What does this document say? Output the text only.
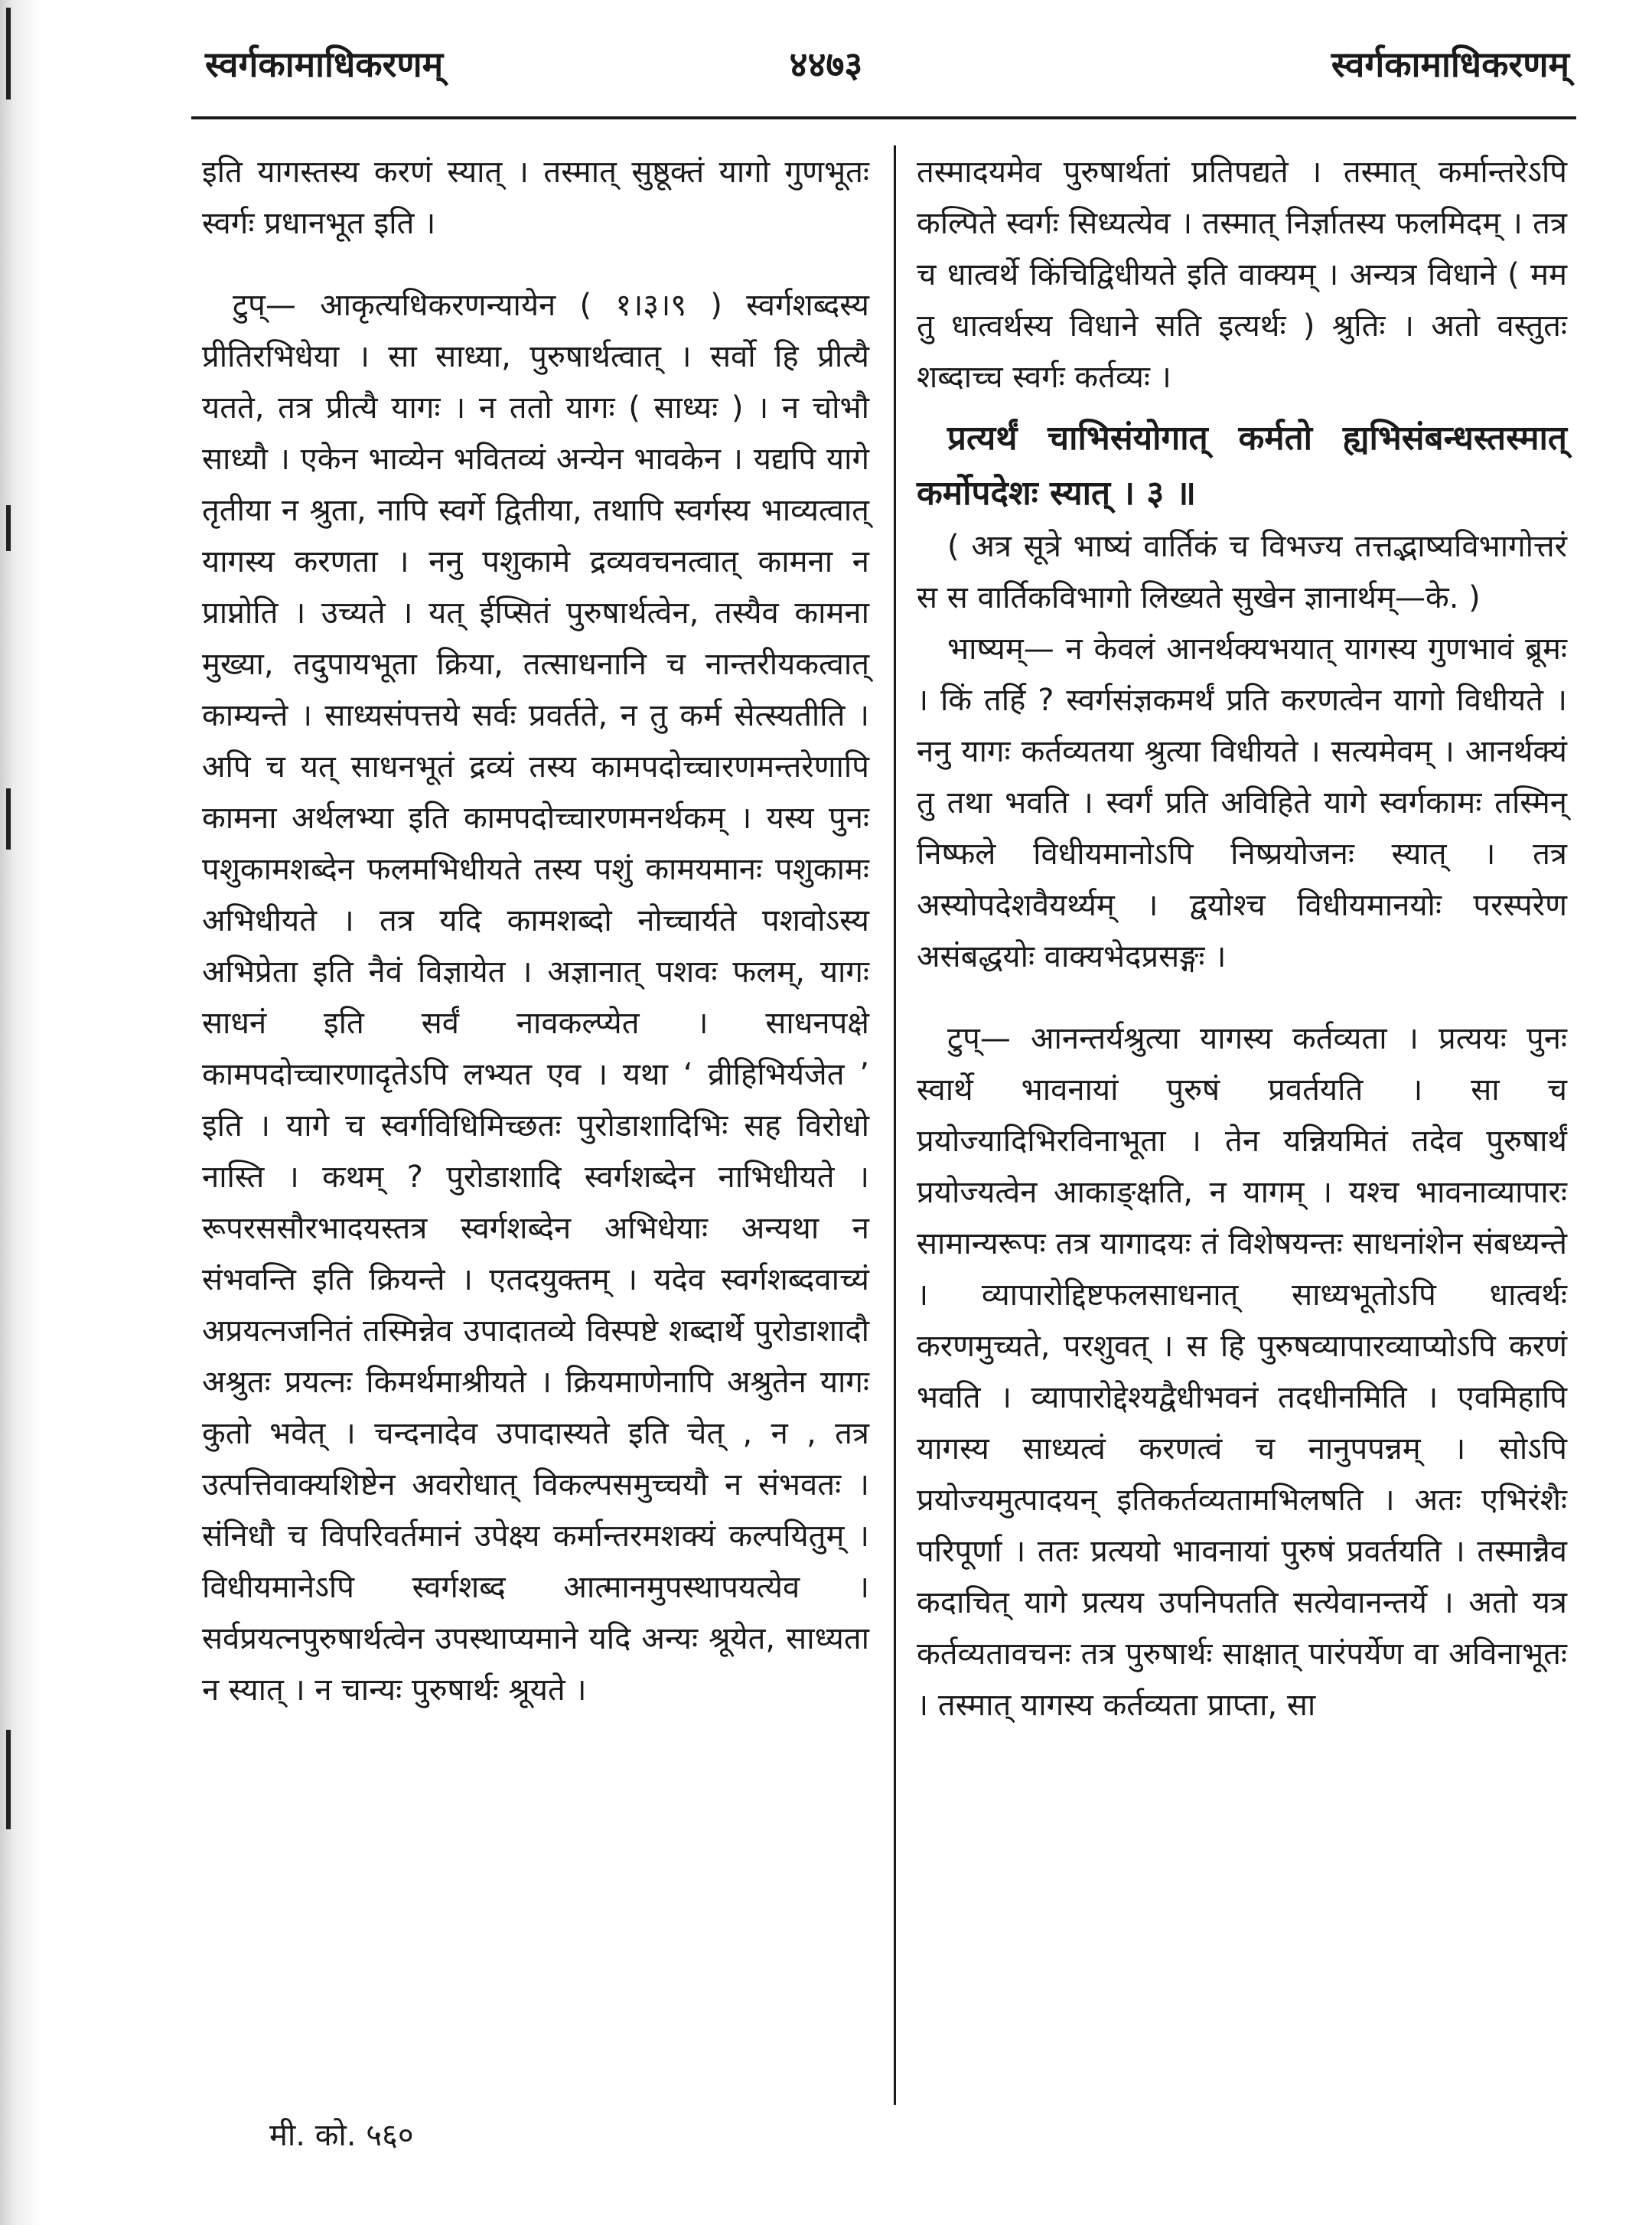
स्वर्गकामाधिकरणम्	४४७३	स्वर्गकामाधिकरणम्

इति यागस्तस्य करणं स्यात् । तस्मात् सुष्ठूक्तं यागो गुणभूतः स्वर्गः प्रधानभूत इति ।

टुप्— आकृत्यधिकरणन्यायेन ( १।३।९ ) स्वर्गशब्दस्य प्रीतिरभिधेया । सा साध्या, पुरुषार्थत्वात् । सर्वो हि प्रीत्यै यतते, तत्र प्रीत्यै यागः । न ततो यागः ( साध्यः ) । न चोभौ साध्यौ । एकेन भाव्येन भवितव्यं अन्येन भावकेन । यद्यपि यागे तृतीया न श्रुता, नापि स्वर्गे द्वितीया, तथापि स्वर्गस्य भाव्यत्वात् यागस्य करणता । ननु पशुकामे द्रव्यवचनत्वात् कामना न प्राप्नोति । उच्यते । यत् ईप्सितं पुरुषार्थत्वेन, तस्यैव कामना मुख्या, तदुपायभूता क्रिया, तत्साधनानि च नान्तरीयकत्वात् काम्यन्ते । साध्यसंपत्तये सर्वः प्रवर्तते, न तु कर्म सेत्स्यतीति । अपि च यत् साधनभूतं द्रव्यं तस्य कामपदोच्चारणमन्तरेणापि कामना अर्थलभ्या इति कामपदोच्चारणमनर्थकम् । यस्य पुनः पशुकामशब्देन फलमभिधीयते तस्य पशुं कामयमानः पशुकामः अभिधीयते । तत्र यदि कामशब्दो नोच्चार्यते पशवोऽस्य अभिप्रेता इति नैवं विज्ञायेत । अज्ञानात् पशवः फलम्, यागः साधनं इति सर्वं नावकल्प्येत । साधनपक्षे कामपदोच्चारणादृतेऽपि लभ्यत एव । यथा ‘ व्रीहिभिर्यजेत ’ इति । यागे च स्वर्गविधिमिच्छतः पुरोडाशादिभिः सह विरोधो नास्ति । कथम् ? पुरोडाशादि स्वर्गशब्देन नाभिधीयते । रूपरससौरभादयस्तत्र स्वर्गशब्देन अभिधेयाः अन्यथा न संभवन्ति इति क्रियन्ते । एतदयुक्तम् । यदेव स्वर्गशब्दवाच्यं अप्रयत्नजनितं तस्मिन्नेव उपादातव्ये विस्पष्टे शब्दार्थे पुरोडाशादौ अश्रुतः प्रयत्नः किमर्थमाश्रीयते । क्रियमाणेनापि अश्रुतेन यागः कुतो भवेत् । चन्दनादेव उपादास्यते इति चेत् , न , तत्र उत्पत्तिवाक्यशिष्टेन अवरोधात् विकल्पसमुच्चयौ न संभवतः । संनिधौ च विपरिवर्तमानं उपेक्ष्य कर्मान्तरमशक्यं कल्पयितुम् । विधीयमानेऽपि स्वर्गशब्द आत्मानमुपस्थापयत्येव । सर्वप्रयत्नपुरुषार्थत्वेन उपस्थाप्यमाने यदि अन्यः श्रूयेत, साध्यता न स्यात् । न चान्यः पुरुषार्थः श्रूयते ।

तस्मादयमेव पुरुषार्थतां प्रतिपद्यते । तस्मात् कर्मान्तरेऽपि कल्पिते स्वर्गः सिध्यत्येव । तस्मात् निर्ज्ञातस्य फलमिदम् । तत्र च धात्वर्थे किंचिद्विधीयते इति वाक्यम् । अन्यत्र विधाने ( मम तु धात्वर्थस्य विधाने सति इत्यर्थः ) श्रुतिः । अतो वस्तुतः शब्दाच्च स्वर्गः कर्तव्यः ।

प्रत्यर्थं चाभिसंयोगात् कर्मतो ह्यभिसंबन्धस्तस्मात् कर्मोपदेशः स्यात् । ३ ॥

( अत्र सूत्रे भाष्यं वार्तिकं च विभज्य तत्तद्भाष्यविभागोत्तरं स स वार्तिकविभागो लिख्यते सुखेन ज्ञानार्थम्—के. )

भाष्यम्— न केवलं आनर्थक्यभयात् यागस्य गुणभावं ब्रूमः । किं तर्हि ? स्वर्गसंज्ञकमर्थं प्रति करणत्वेन यागो विधीयते । ननु यागः कर्तव्यतया श्रुत्या विधीयते । सत्यमेवम् । आनर्थक्यं तु तथा भवति । स्वर्गं प्रति अविहिते यागे स्वर्गकामः तस्मिन् निष्फले विधीयमानोऽपि निष्प्रयोजनः स्यात् । तत्र अस्योपदेशवैयर्थ्यम् । द्वयोश्च विधीयमानयोः परस्परेण असंबद्धयोः वाक्यभेदप्रसङ्गः ।

टुप्— आनन्तर्यश्रुत्या यागस्य कर्तव्यता । प्रत्ययः पुनः स्वार्थे भावनायां पुरुषं प्रवर्तयति । सा च प्रयोज्यादिभिरविनाभूता । तेन यन्नियमितं तदेव पुरुषार्थं प्रयोज्यत्वेन आकाङ्क्षति, न यागम् । यश्च भावनाव्यापारः सामान्यरूपः तत्र यागादयः तं विशेषयन्तः साधनांशेन संबध्यन्ते । व्यापारोद्दिष्टफलसाधनात् साध्यभूतोऽपि धात्वर्थः करणमुच्यते, परशुवत् । स हि पुरुषव्यापारव्याप्योऽपि करणं भवति । व्यापारोद्देश्यद्वैधीभवनं तदधीनमिति । एवमिहापि यागस्य साध्यत्वं करणत्वं च नानुपपन्नम् । सोऽपि प्रयोज्यमुत्पादयन् इतिकर्तव्यतामभिलषति । अतः एभिरंशैः परिपूर्णा । ततः प्रत्ययो भावनायां पुरुषं प्रवर्तयति । तस्मान्नैव कदाचित् यागे प्रत्यय उपनिपतति सत्येवानन्तर्ये । अतो यत्र कर्तव्यतावचनः तत्र पुरुषार्थः साक्षात् पारंपर्येण वा अविनाभूतः । तस्मात् यागस्य कर्तव्यता प्राप्ता, सा

मी. को. ५६०
